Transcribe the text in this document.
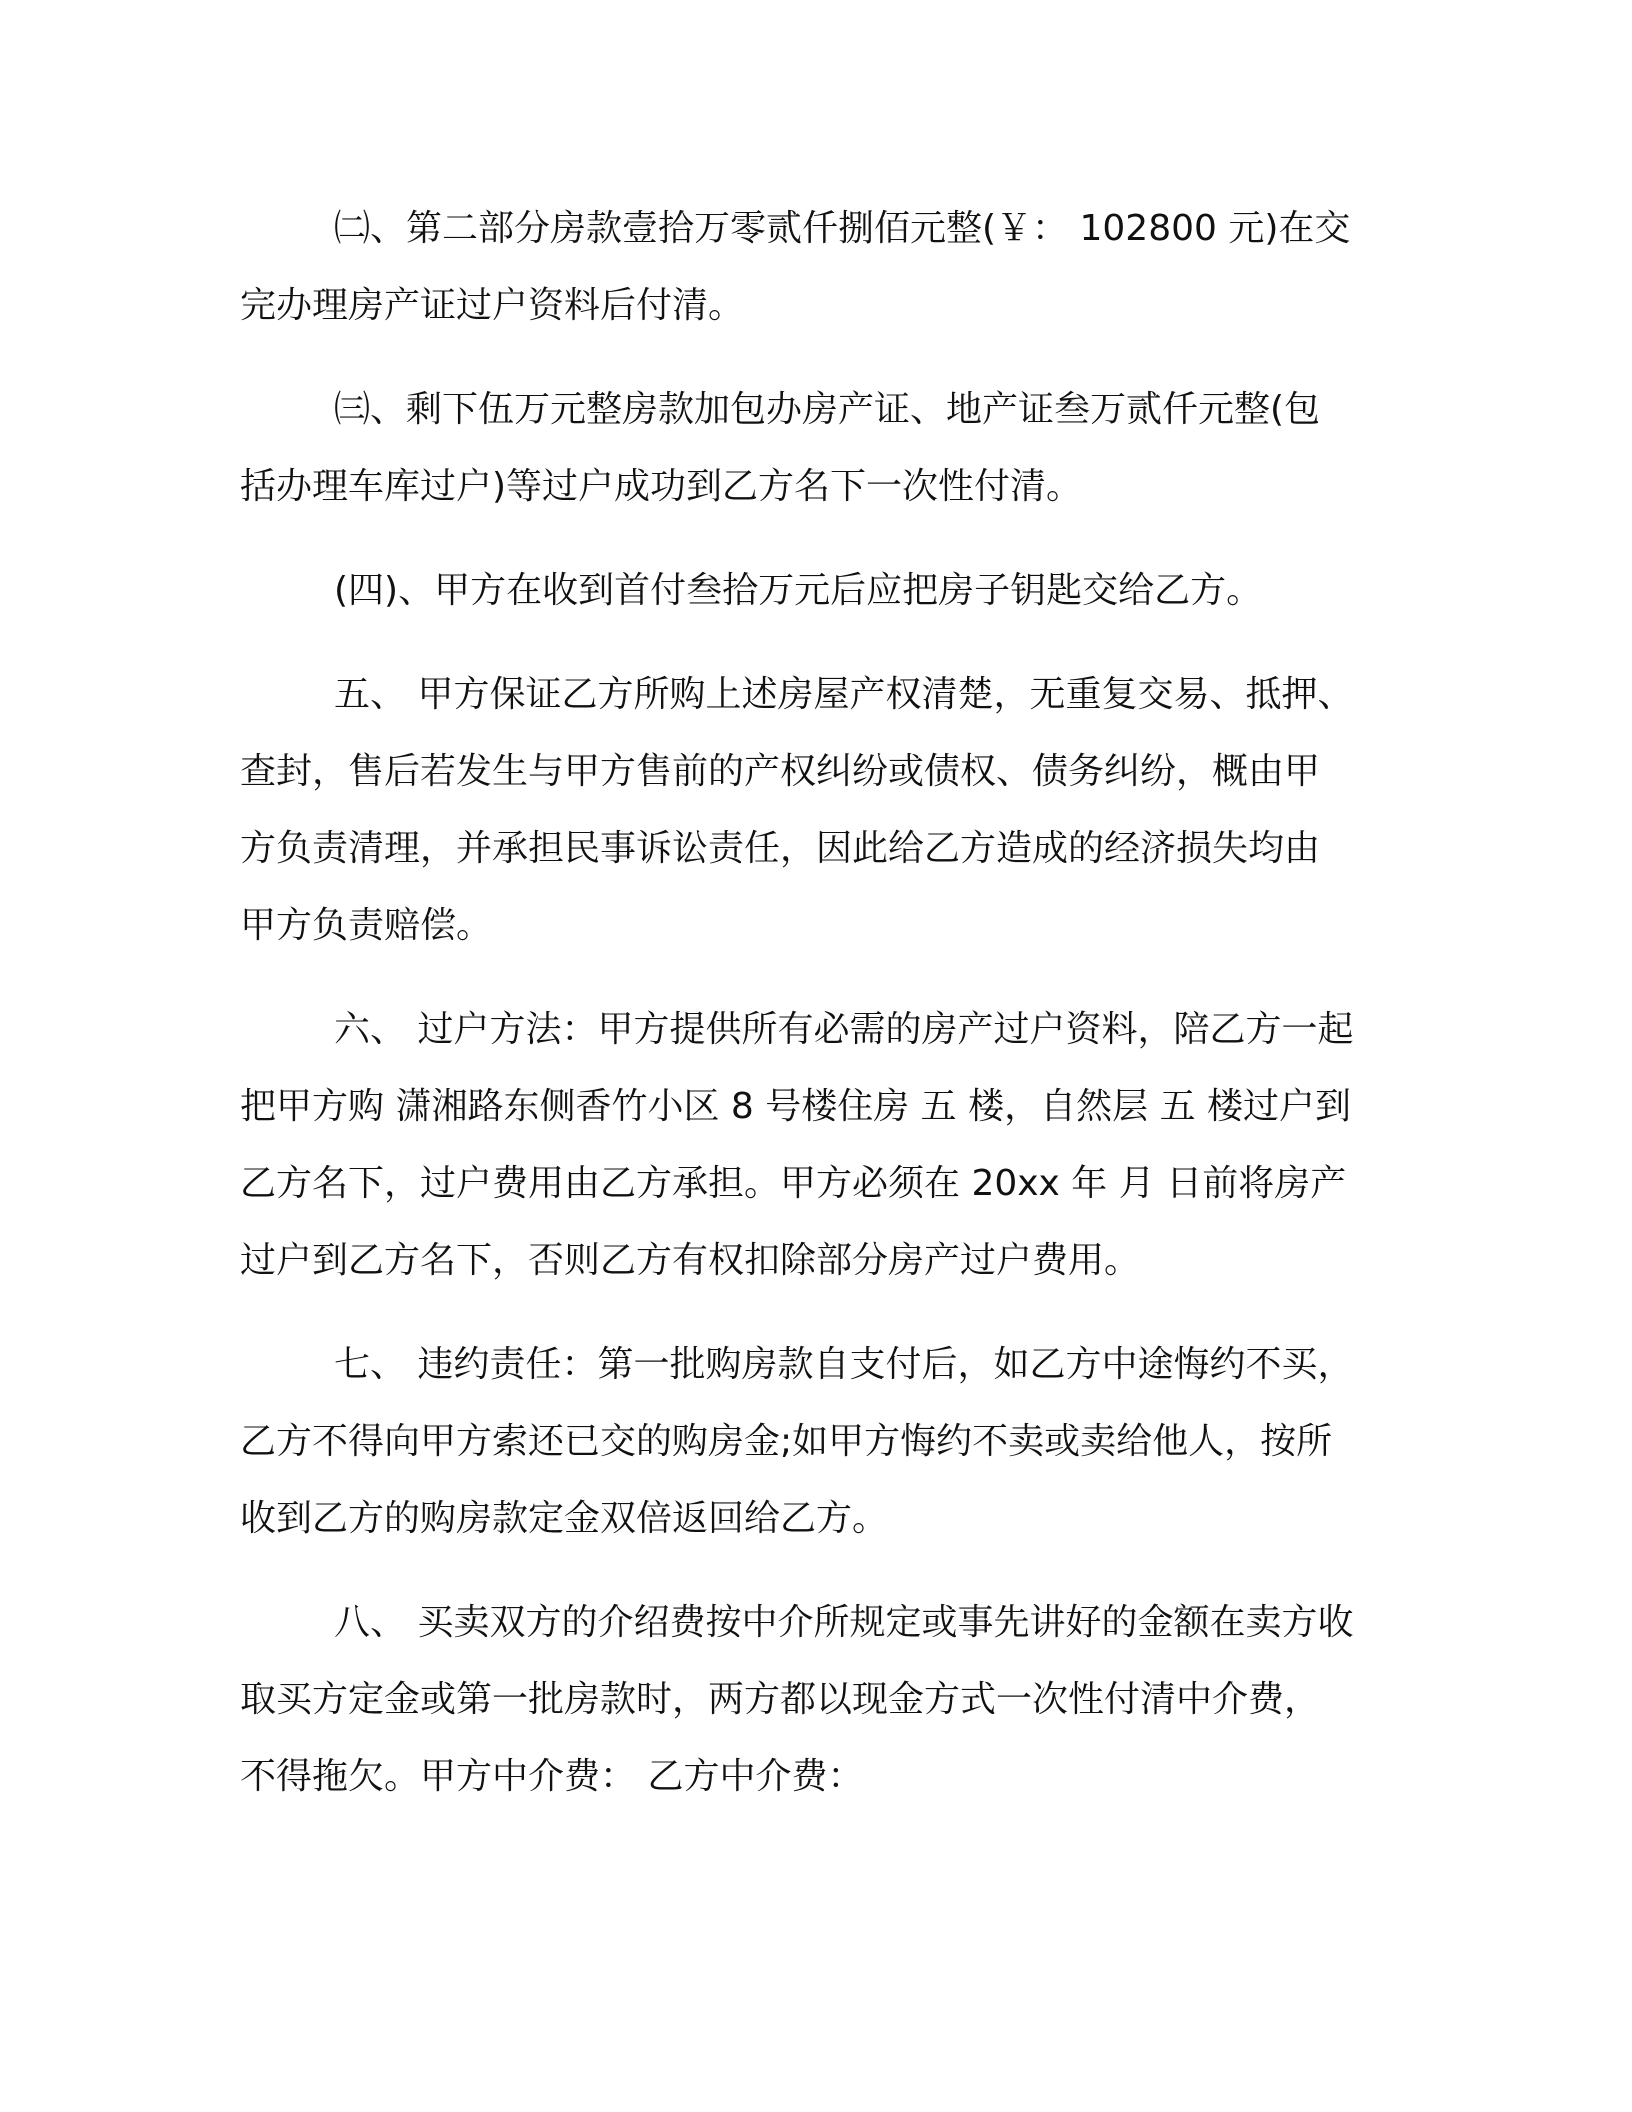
㈡、第二部分房款壹拾万零贰仟捌佰元整(￥： 102800 元)在交
完办理房产证过户资料后付清。

㈢、剩下伍万元整房款加包办房产证、地产证叁万贰仟元整(包
括办理车库过户)等过户成功到乙方名下一次性付清。

(四)、甲方在收到首付叁拾万元后应把房子钥匙交给乙方。

五、 甲方保证乙方所购上述房屋产权清楚，无重复交易、抵押、
查封，售后若发生与甲方售前的产权纠纷或债权、债务纠纷，概由甲
方负责清理，并承担民事诉讼责任，因此给乙方造成的经济损失均由
甲方负责赔偿。

六、 过户方法：甲方提供所有必需的房产过户资料，陪乙方一起
把甲方购 潇湘路东侧香竹小区 8 号楼住房 五 楼，自然层 五 楼过户到
乙方名下，过户费用由乙方承担。甲方必须在 20xx 年 月 日前将房产
过户到乙方名下，否则乙方有权扣除部分房产过户费用。

七、 违约责任：第一批购房款自支付后，如乙方中途悔约不买，
乙方不得向甲方索还已交的购房金;如甲方悔约不卖或卖给他人，按所
收到乙方的购房款定金双倍返回给乙方。

八、 买卖双方的介绍费按中介所规定或事先讲好的金额在卖方收
取买方定金或第一批房款时，两方都以现金方式一次性付清中介费，
不得拖欠。甲方中介费： 乙方中介费：
